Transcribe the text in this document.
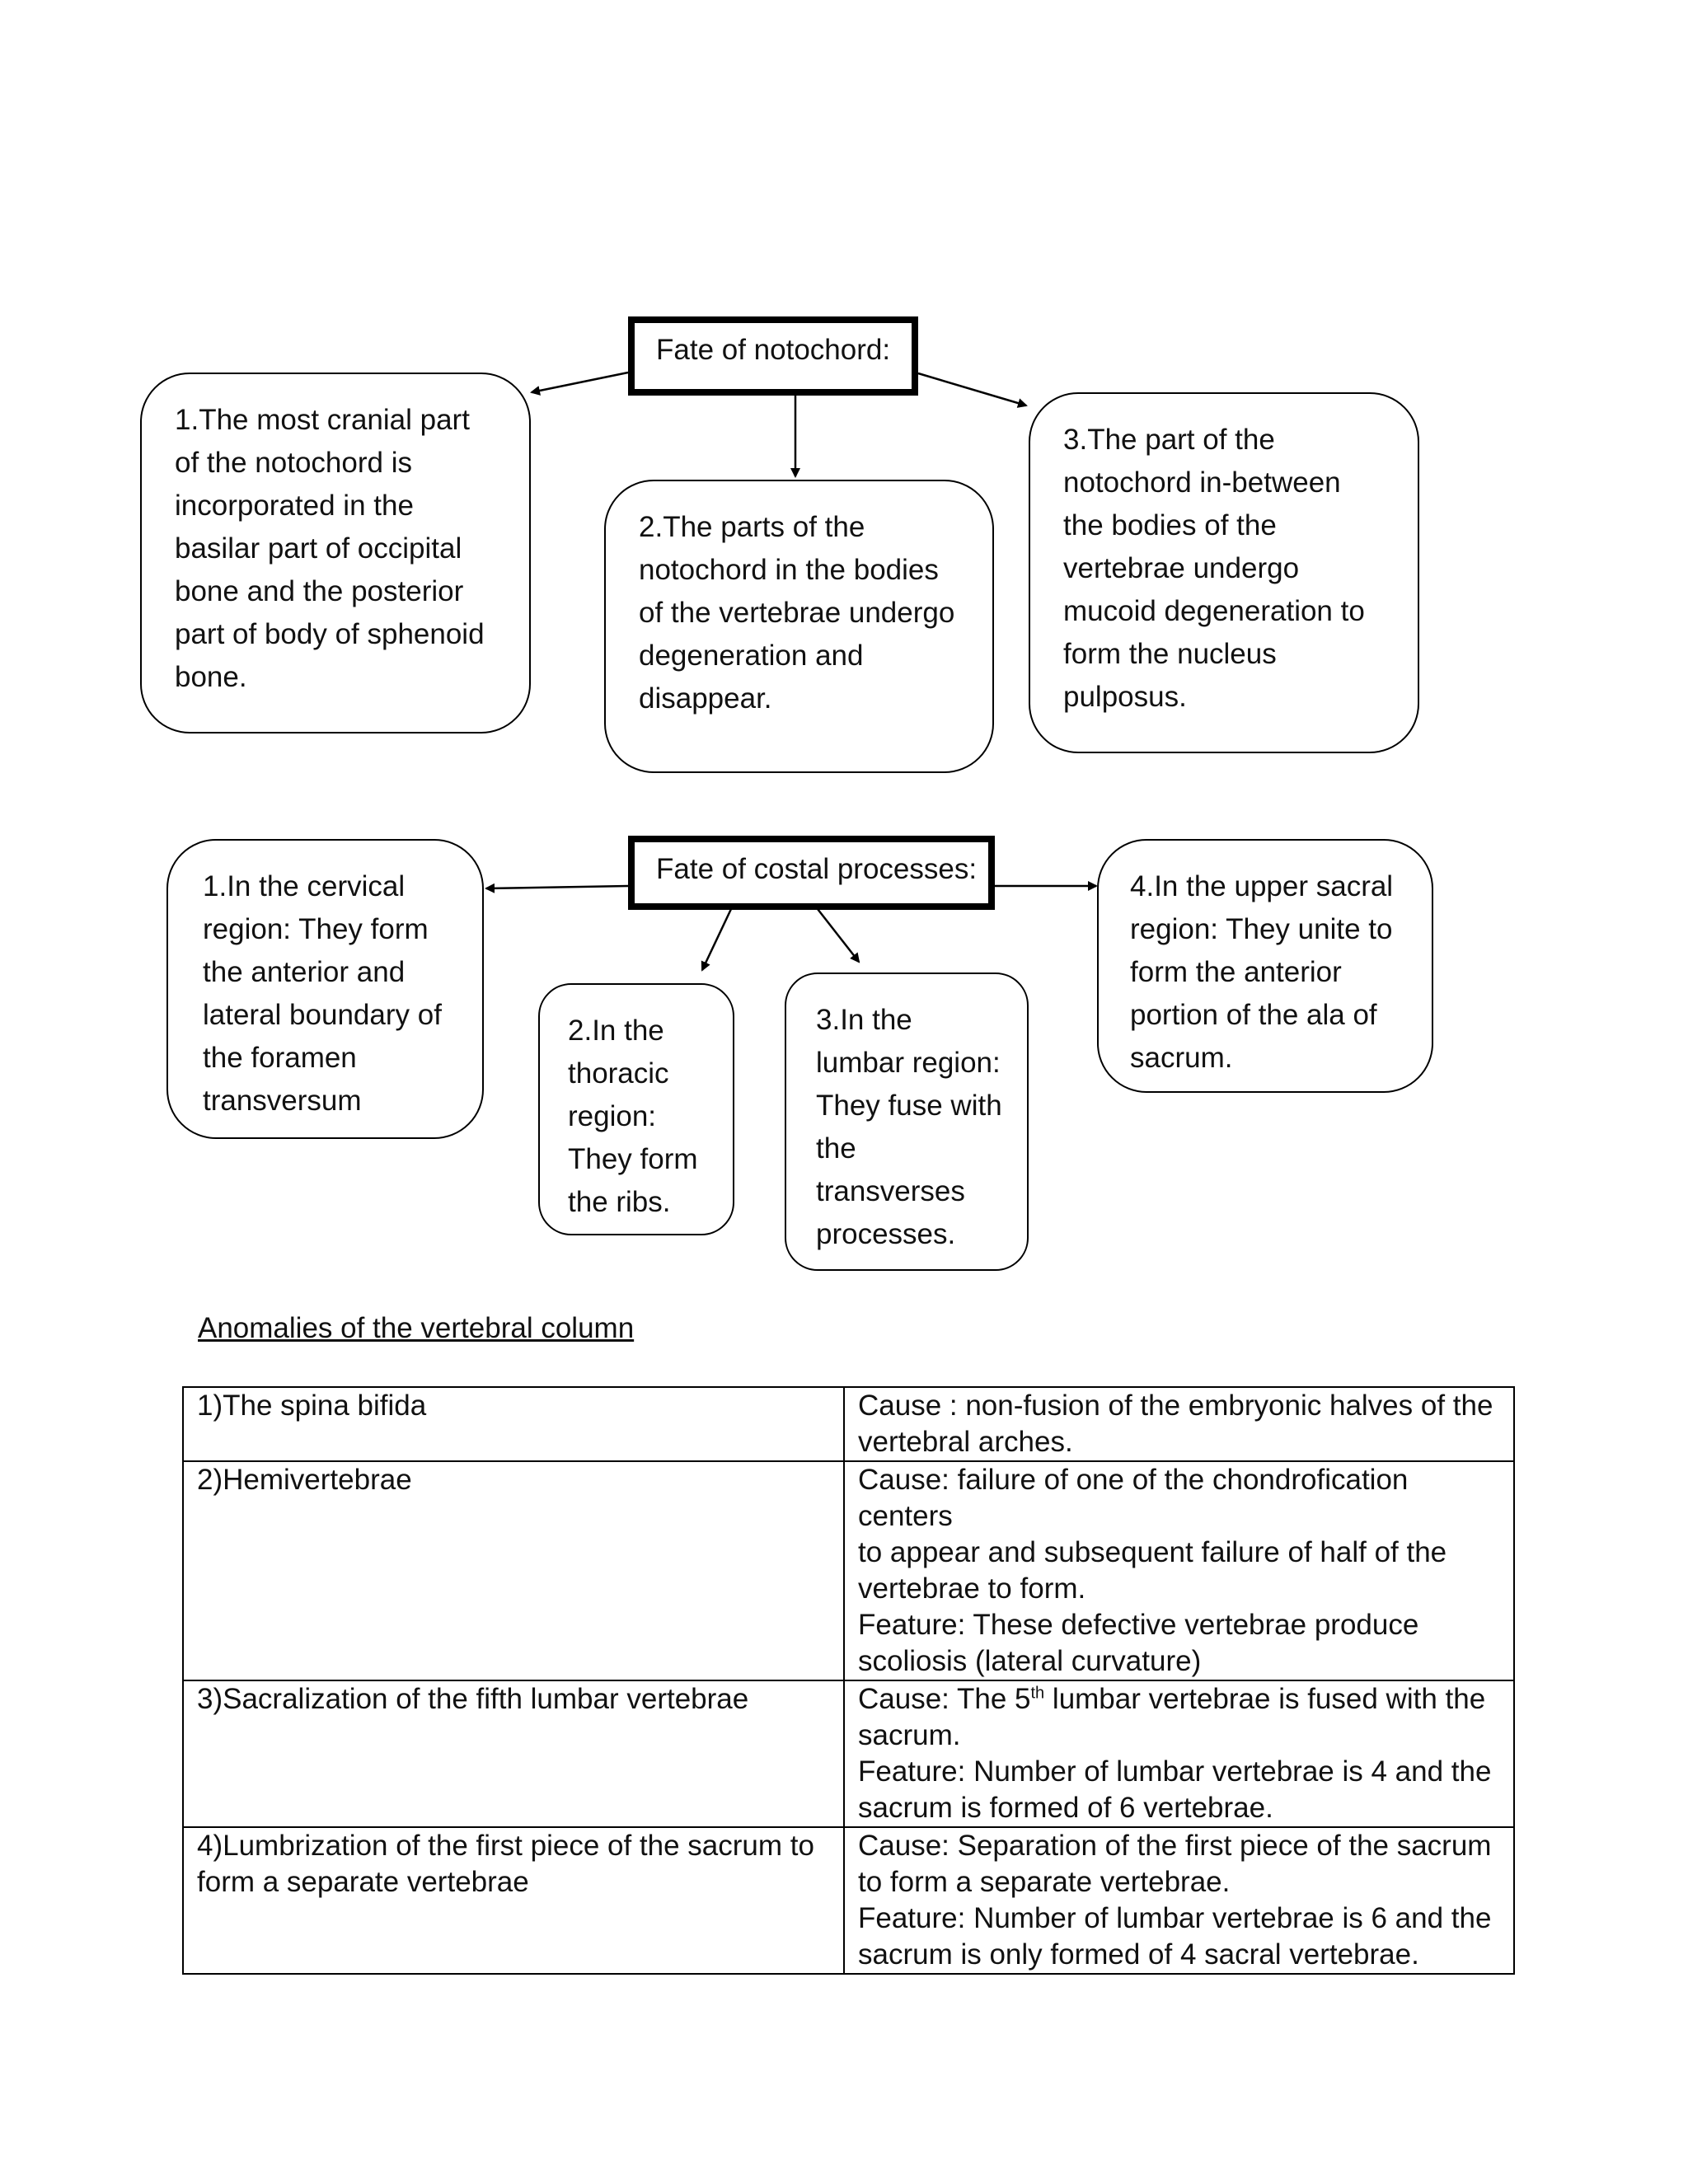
Fate of notochord:
1.The most cranial part
of the notochord is
incorporated in the
basilar part of occipital
bone and the posterior
part of body of sphenoid
bone.
2.The parts of the
notochord in the bodies
of the vertebrae undergo
degeneration and
disappear.
3.The part of the
notochord in-between
the bodies of the
vertebrae undergo
mucoid degeneration to
form the nucleus
pulposus.
Fate of costal processes:
1.In the cervical
region: They form
the anterior and
lateral boundary of
the foramen
transversum
2.In the
thoracic
region:
They form
the ribs.
3.In the
lumbar region:
They fuse with
the
transverses
processes.
4.In the upper sacral
region: They unite to
form the anterior
portion of the ala of
sacrum.
Anomalies of the vertebral column
1)The spina bifida	Cause : non-fusion of the embryonic halves of the
vertebral arches.

2)Hemivertebrae	Cause: failure of one of the chondrofication centers
to appear and subsequent failure of half of the
vertebrae to form.
Feature: These defective vertebrae produce
scoliosis (lateral curvature)

3)Sacralization of the fifth lumbar vertebrae	Cause: The 5th lumbar vertebrae is fused with the
sacrum.
Feature: Number of lumbar vertebrae is 4 and the
sacrum is formed of 6 vertebrae.

4)Lumbrization of the first piece of the sacrum to
form a separate vertebrae	Cause: Separation of the first piece of the sacrum
to form a separate vertebrae.
Feature: Number of lumbar vertebrae is 6 and the
sacrum is only formed of 4 sacral vertebrae.
